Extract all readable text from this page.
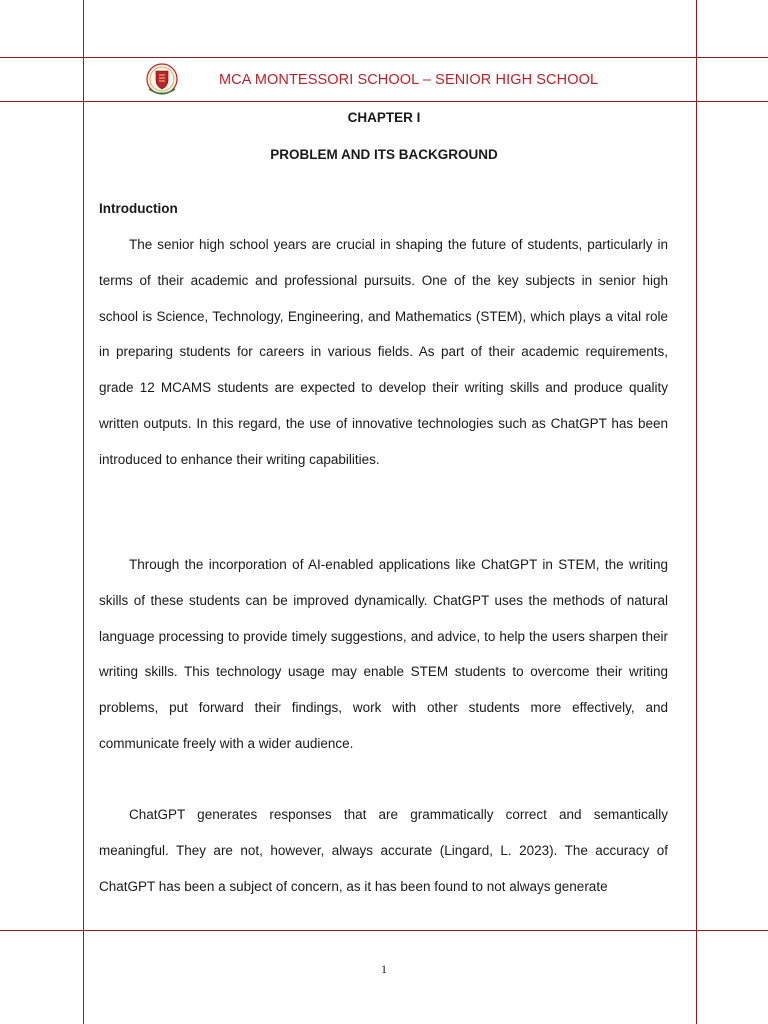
MCA MONTESSORI SCHOOL – SENIOR HIGH SCHOOL
CHAPTER I
PROBLEM AND ITS BACKGROUND
Introduction

The senior high school years are crucial in shaping the future of students, particularly in terms of their academic and professional pursuits. One of the key subjects in senior high school is Science, Technology, Engineering, and Mathematics (STEM), which plays a vital role in preparing students for careers in various fields. As part of their academic requirements, grade 12 MCAMS students are expected to develop their writing skills and produce quality written outputs. In this regard, the use of innovative technologies such as ChatGPT has been introduced to enhance their writing capabilities.

Through the incorporation of AI-enabled applications like ChatGPT in STEM, the writing skills of these students can be improved dynamically. ChatGPT uses the methods of natural language processing to provide timely suggestions, and advice, to help the users sharpen their writing skills. This technology usage may enable STEM students to overcome their writing problems, put forward their findings, work with other students more effectively, and communicate freely with a wider audience.

ChatGPT generates responses that are grammatically correct and semantically meaningful. They are not, however, always accurate (Lingard, L. 2023). The accuracy of ChatGPT has been a subject of concern, as it has been found to not always generate

1
